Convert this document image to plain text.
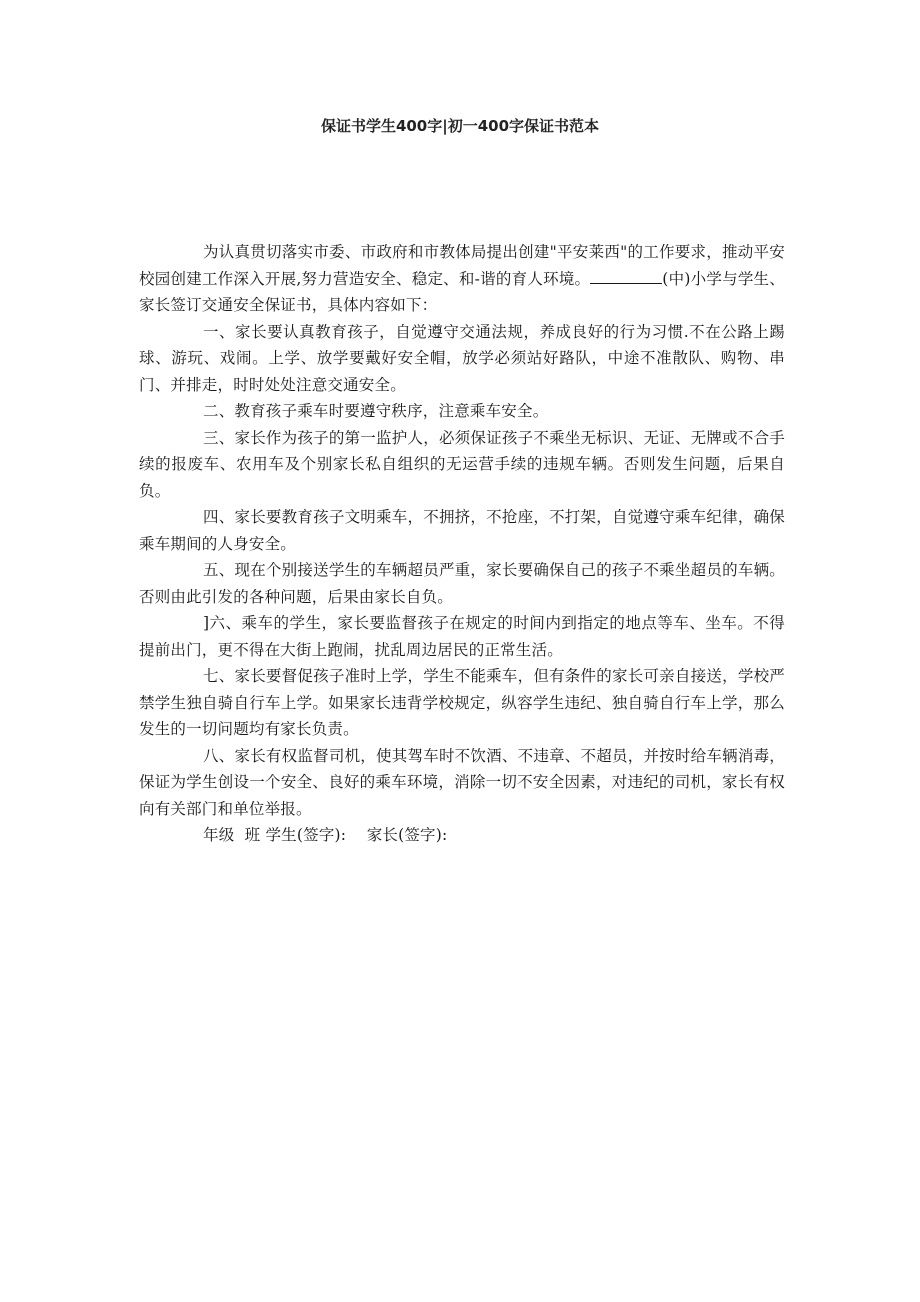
保证书学生400字|初一400字保证书范本

为认真贯切落实市委、市政府和市教体局提出创建"平安莱西"的工作要求，推动平安校园创建工作深入开展,努力营造安全、稳定、和-谐的育人环境。	(中)小学与学生、家长签订交通安全保证书，具体内容如下：

一、家长要认真教育孩子，自觉遵守交通法规，养成良好的行为习惯.不在公路上踢球、游玩、戏闹。上学、放学要戴好安全帽，放学必须站好路队，中途不准散队、购物、串门、并排走，时时处处注意交通安全。

二、教育孩子乘车时要遵守秩序，注意乘车安全。

三、家长作为孩子的第一监护人，必须保证孩子不乘坐无标识、无证、无牌或不合手续的报废车、农用车及个别家长私自组织的无运营手续的违规车辆。否则发生问题，后果自负。

四、家长要教育孩子文明乘车，不拥挤，不抢座，不打架，自觉遵守乘车纪律，确保乘车期间的人身安全。

五、现在个别接送学生的车辆超员严重，家长要确保自己的孩子不乘坐超员的车辆。否则由此引发的各种问题，后果由家长自负。

]六、乘车的学生，家长要监督孩子在规定的时间内到指定的地点等车、坐车。不得提前出门，更不得在大街上跑闹，扰乱周边居民的正常生活。

七、家长要督促孩子准时上学，学生不能乘车，但有条件的家长可亲自接送，学校严禁学生独自骑自行车上学。如果家长违背学校规定，纵容学生违纪、独自骑自行车上学，那么发生的一切问题均有家长负责。

八、家长有权监督司机，使其驾车时不饮酒、不违章、不超员，并按时给车辆消毒，保证为学生创设一个安全、良好的乘车环境，消除一切不安全因素，对违纪的司机，家长有权向有关部门和单位举报。

年级  班 学生(签字):    家长(签字):
